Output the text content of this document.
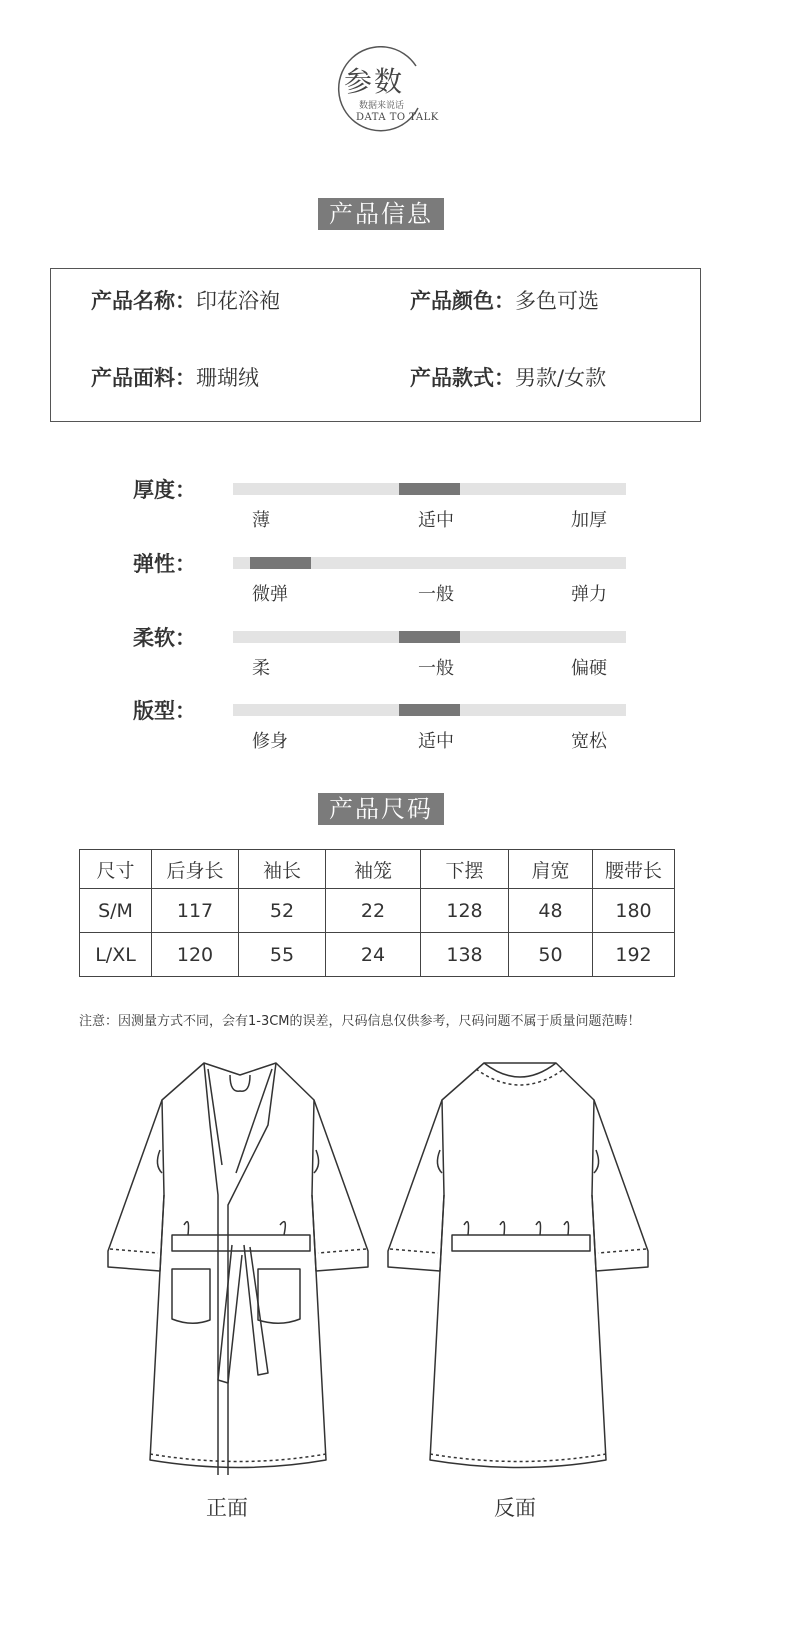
参数
数据来说话
DATA TO TALK
产品信息
产品名称：印花浴袍	产品颜色：多色可选
产品面料：珊瑚绒	产品款式：男款/女款
厚度：
薄	适中	加厚
弹性：
微弹	一般	弹力
柔软：
柔	一般	偏硬
版型：
修身	适中	宽松
产品尺码
尺寸	后身长	袖长	袖笼	下摆	肩宽	腰带长
S/M	117	52	22	128	48	180
L/XL	120	55	24	138	50	192
注意：因测量方式不同，会有1-3CM的误差，尺码信息仅供参考，尺码问题不属于质量问题范畴！
正面	反面
